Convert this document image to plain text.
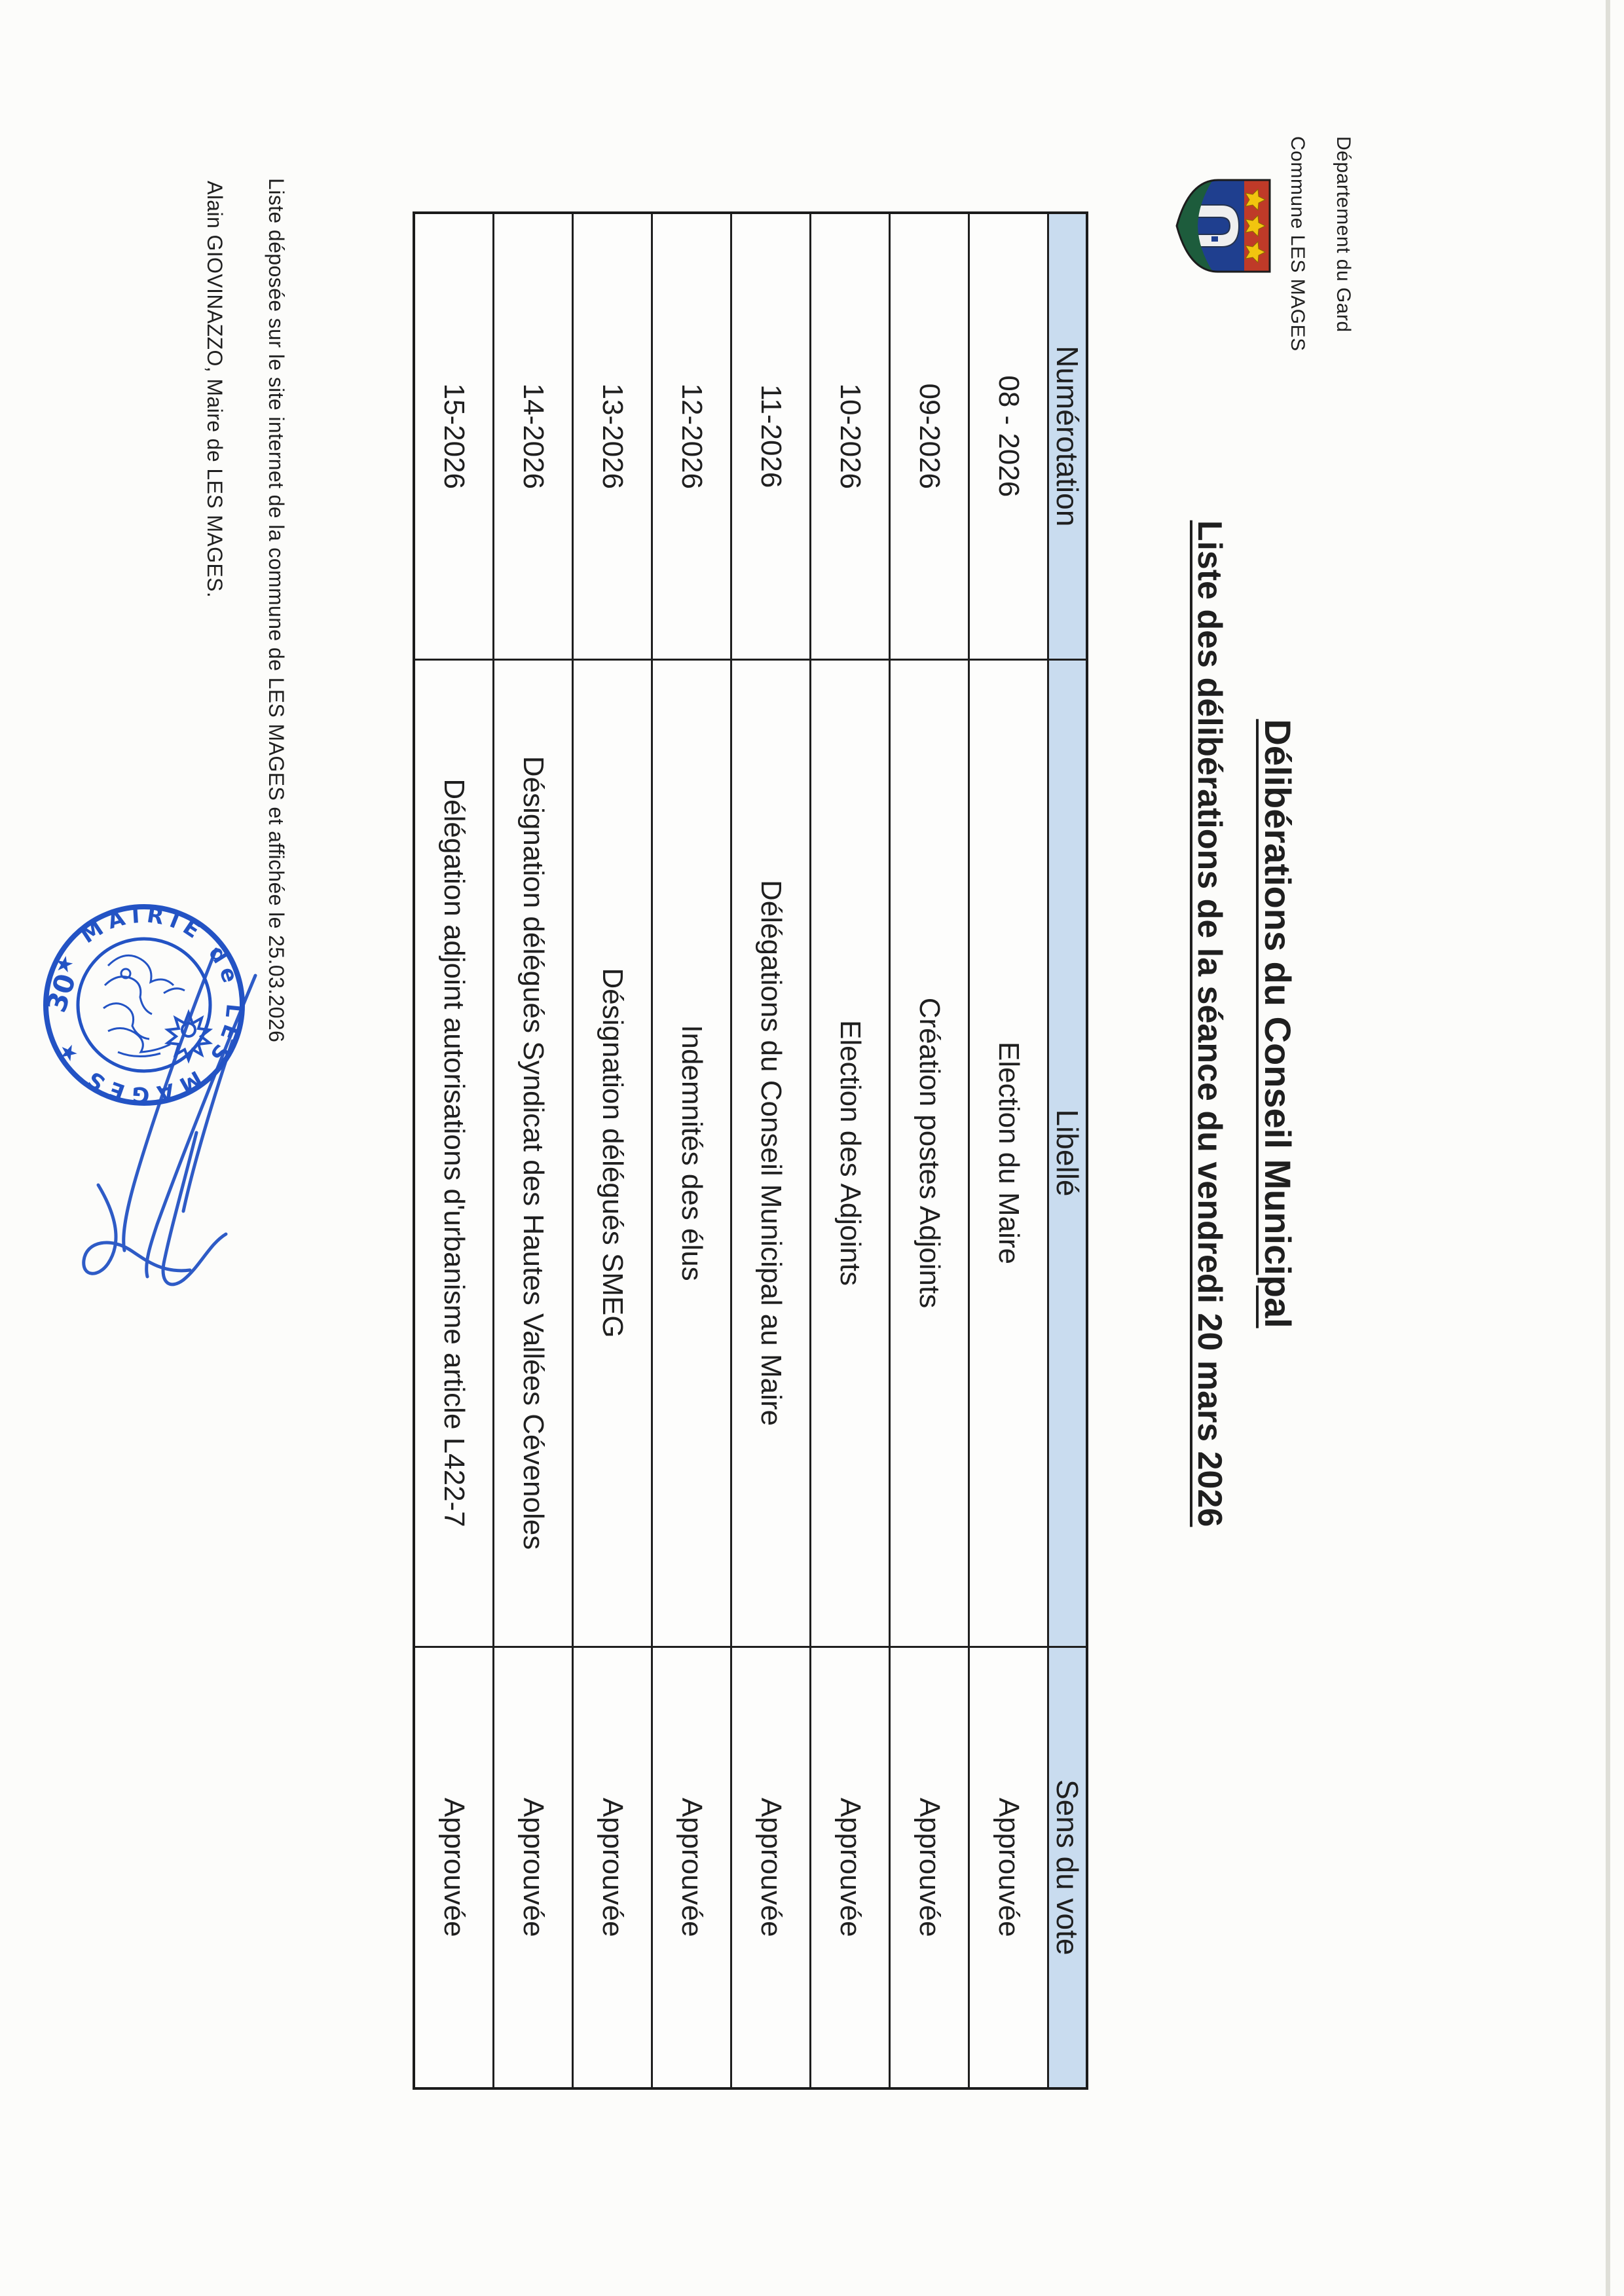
Département du Gard
Commune LES MAGES
Délibérations du Conseil Municipal
Liste des délibérations de la séance du vendredi 20 mars 2026
Numérotation	Libellé	Sens du vote
08 - 2026	Election du Maire	Approuvée
09-2026	Création postes Adjoints	Approuvée
10-2026	Election des Adjoints	Approuvée
11-2026	Délégations du Conseil Municipal au Maire	Approuvée
12-2026	Indemnités des élus	Approuvée
13-2026	Désignation délégués SMEG	Approuvée
14-2026	Désignation délégués Syndicat des Hautes Vallées Cévenoles	Approuvée
15-2026	Délégation adjoint autorisations d'urbanisme article L422-7	Approuvée
Liste déposée sur le site internet de la commune de LES MAGES et affichée le 25.03.2026
Alain GIOVINAZZO, Maire de LES MAGES.
★ MAIRIE de LES MAGES ★
30
